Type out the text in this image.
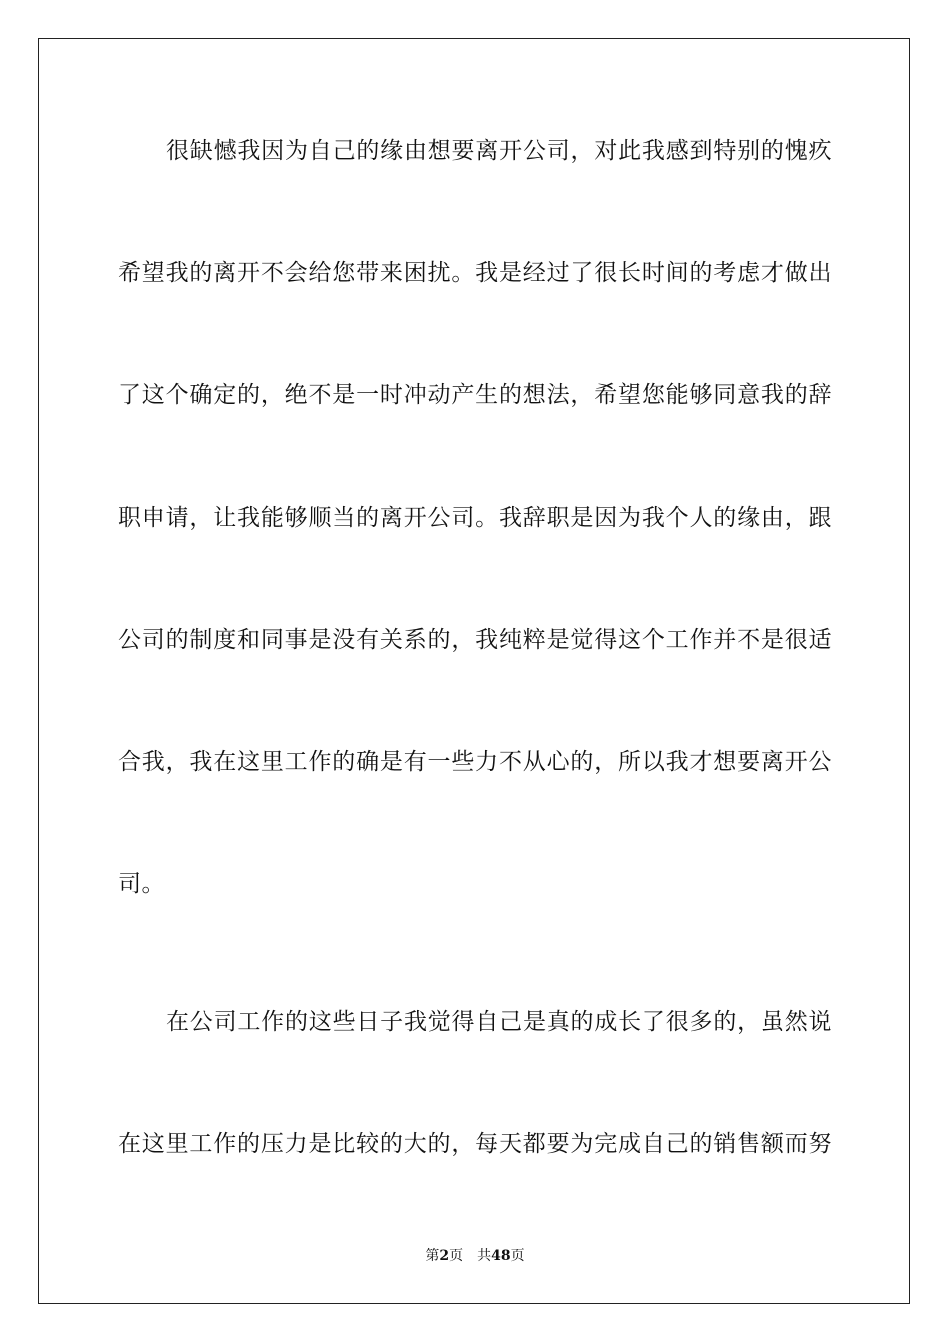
很缺憾我因为自己的缘由想要离开公司，对此我感到特别的愧疚
希望我的离开不会给您带来困扰。我是经过了很长时间的考虑才做出
了这个确定的，绝不是一时冲动产生的想法，希望您能够同意我的辞
职申请，让我能够顺当的离开公司。我辞职是因为我个人的缘由，跟
公司的制度和同事是没有关系的，我纯粹是觉得这个工作并不是很适
合我，我在这里工作的确是有一些力不从心的，所以我才想要离开公
司。
在公司工作的这些日子我觉得自己是真的成长了很多的，虽然说
在这里工作的压力是比较的大的，每天都要为完成自己的销售额而努
第2页 共48页
